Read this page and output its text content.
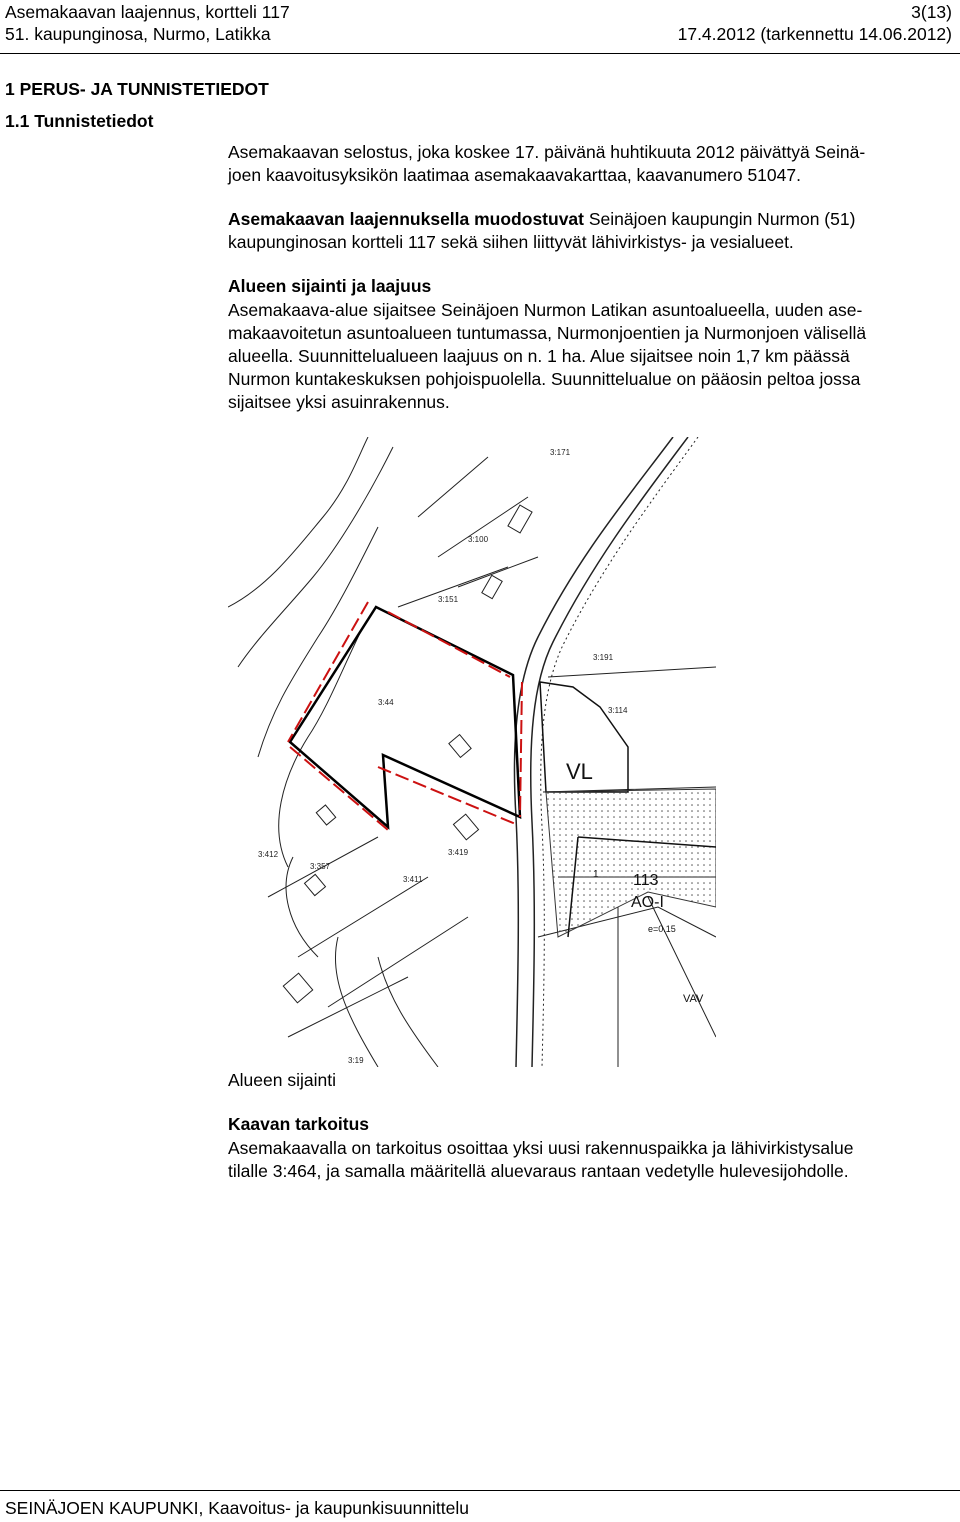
Asemakaavan laajennus, kortteli 117	3(13)
51. kaupunginosa, Nurmo, Latikka	17.4.2012 (tarkennettu 14.06.2012)
1 PERUS- JA TUNNISTETIEDOT
1.1 Tunnistetiedot
Asemakaavan selostus, joka koskee 17. päivänä huhtikuuta 2012 päivättyä Seinä-
joen kaavoitusyksikön laatimaa asemakaavakarttaa, kaavanumero 51047.
Asemakaavan laajennuksella muodostuvat Seinäjoen kaupungin Nurmon (51)
kaupunginosan kortteli 117 sekä siihen liittyvät lähivirkistys- ja vesialueet.
Alueen sijainti ja laajuus
Asemakaava-alue sijaitsee Seinäjoen Nurmon Latikan asuntoalueella, uuden ase-
makaavoitetun asuntoalueen tuntumassa, Nurmonjoentien ja Nurmonjoen välisellä
alueella. Suunnittelualueen laajuus on n. 1 ha. Alue sijaitsee noin 1,7 km päässä
Nurmon kuntakeskuksen pohjoispuolella. Suunnittelualue on pääosin peltoa jossa
sijaitsee yksi asuinrakennus.
3:171
3:100
3:151
3:191
3:44
3:114
3:411
3:357
3:419
3:412
3:19
VL
113
AO-I
e=0.15
1
VAV
Alueen sijainti
Kaavan tarkoitus
Asemakaavalla on tarkoitus osoittaa yksi uusi rakennuspaikka ja lähivirkistysalue
tilalle 3:464, ja samalla määritellä aluevaraus rantaan vedetylle hulevesijohdolle.
SEINÄJOEN KAUPUNKI, Kaavoitus- ja kaupunkisuunnittelu
